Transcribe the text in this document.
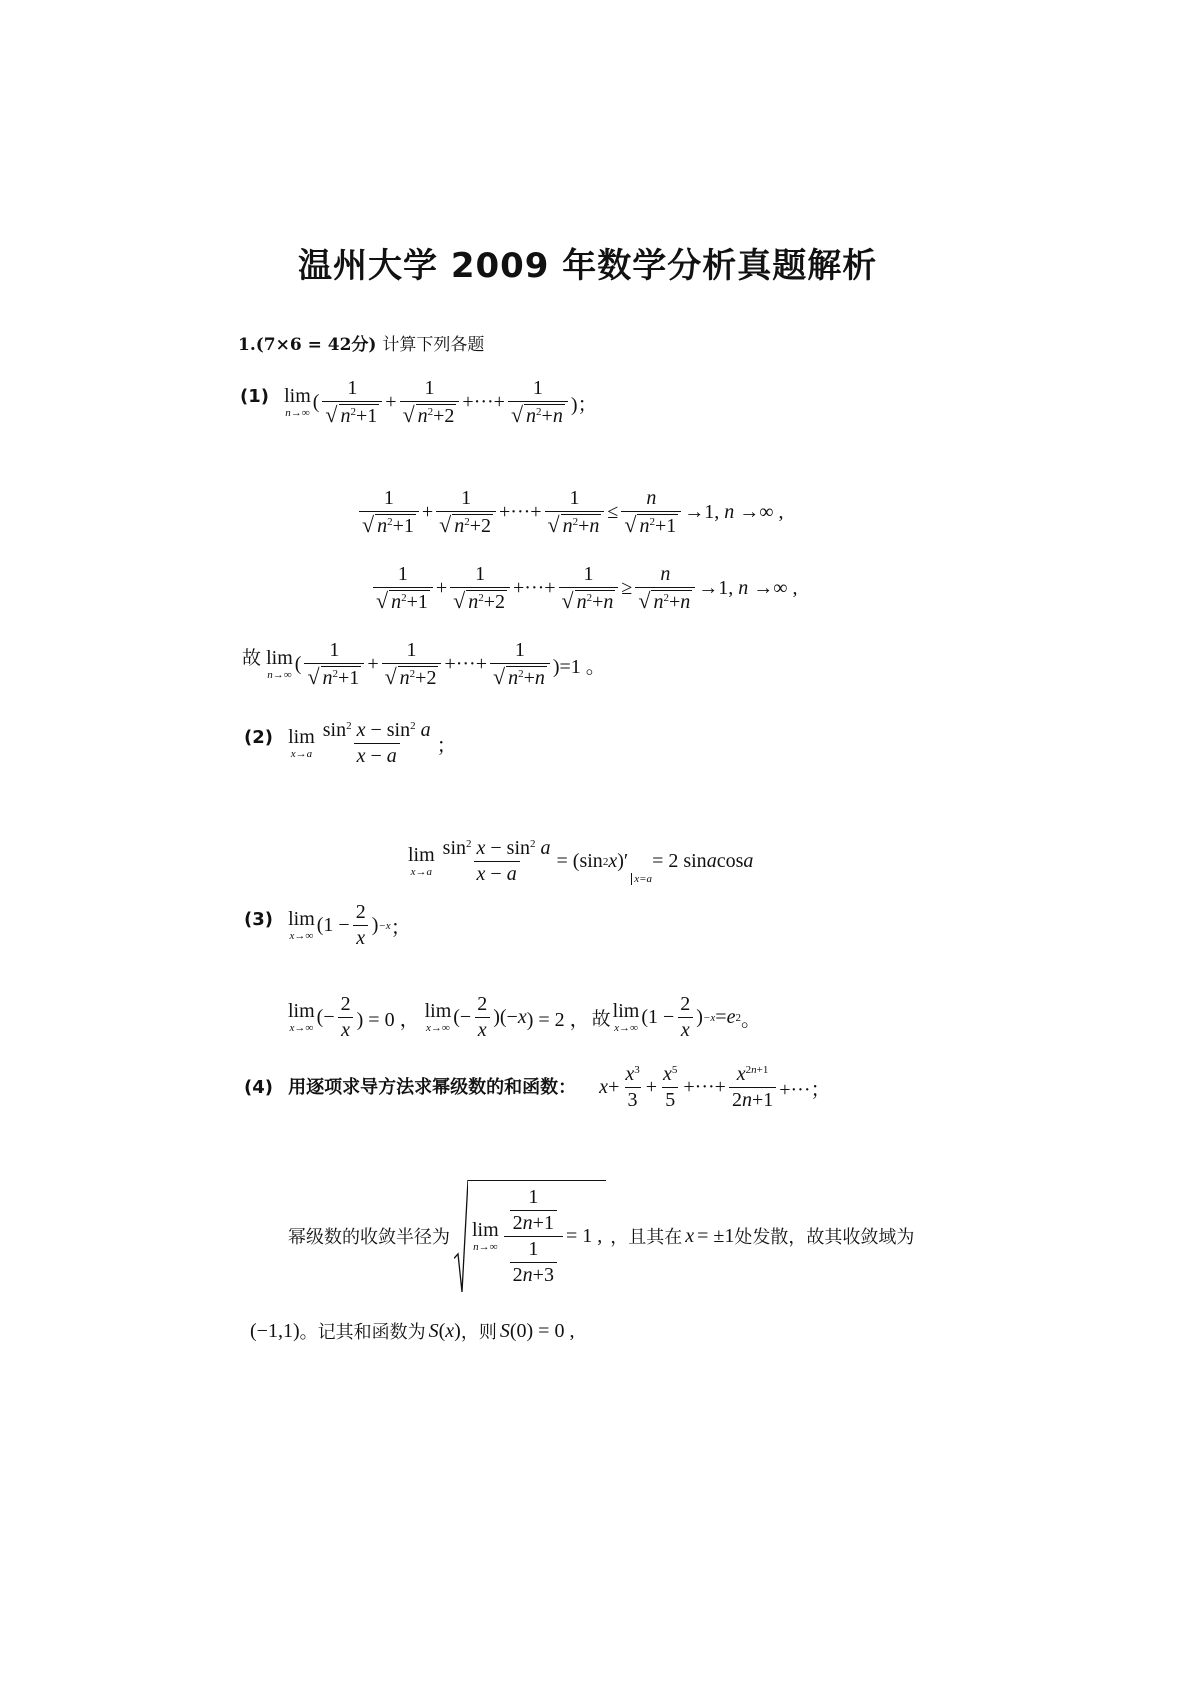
温州大学 2009 年数学分析真题解析
1.(7×6 = 42分) 计算下列各题
(1) lim
n→∞ ( $\frac{1}{√ n^2+1} + \frac{1}{√ n^2+2}$ +···+ $\frac{1}{√ n^2+n}$ )；
$\frac{1}{√ n^2+1} + \frac{1}{√ n^2+2}$ +···+ $\frac{1}{√ n^2+n} \le \frac{n}{√ n^2+1} \to 1$, n →∞ ,
$\frac{1}{√ n^2+1} + \frac{1}{√ n^2+2}$ +···+ $\frac{1}{√ n^2+n} \ge \frac{n}{√ n^2+n} \to 1$, n →∞ ,
故 lim
n→∞ ( $\frac{1}{√ n^2+1} + \frac{1}{√ n^2+2}$ +···+ $\frac{1}{√ n^2+n} )=1$ 。
(2) lim
$x\to a \frac{\sin^2 x - \sin^2 a}{x - a}$ ；
lim
$x\to a \frac{\sin^2 x - \sin^2 a}{x - a} = (\sin$ 2 x )′
x=a
= 2 sin a cos a
(3) lim
x→∞ ($1 - \frac{2}{x}$ ) −x ；
lim
x→∞ (− $\frac{2}{x}$ ) = 0 ， lim
x→∞ (− $\frac{2}{x}$ )(− x ) = 2 ， 故 lim
x→∞ ($1 - \frac{2}{x}$ ) −x = e 2 。
(4) 用逐项求导方法求幂级数的和函数： $x + \frac{x^3}{3} + \frac{x^5}{5}$ +···+ $\frac{x^{2n+1}}{2n+1}$ +···；
幂级数的收敛半径为 lim
$n\to\infty \frac{\frac{1}{2n+1}}{\frac{1}{2n+3}} = 1$ , ，且其在 x = ±1 处发散，故其收敛域为
(−1,1) 。记其和函数为 S ( x ) ，则 S (0) = 0 ,
